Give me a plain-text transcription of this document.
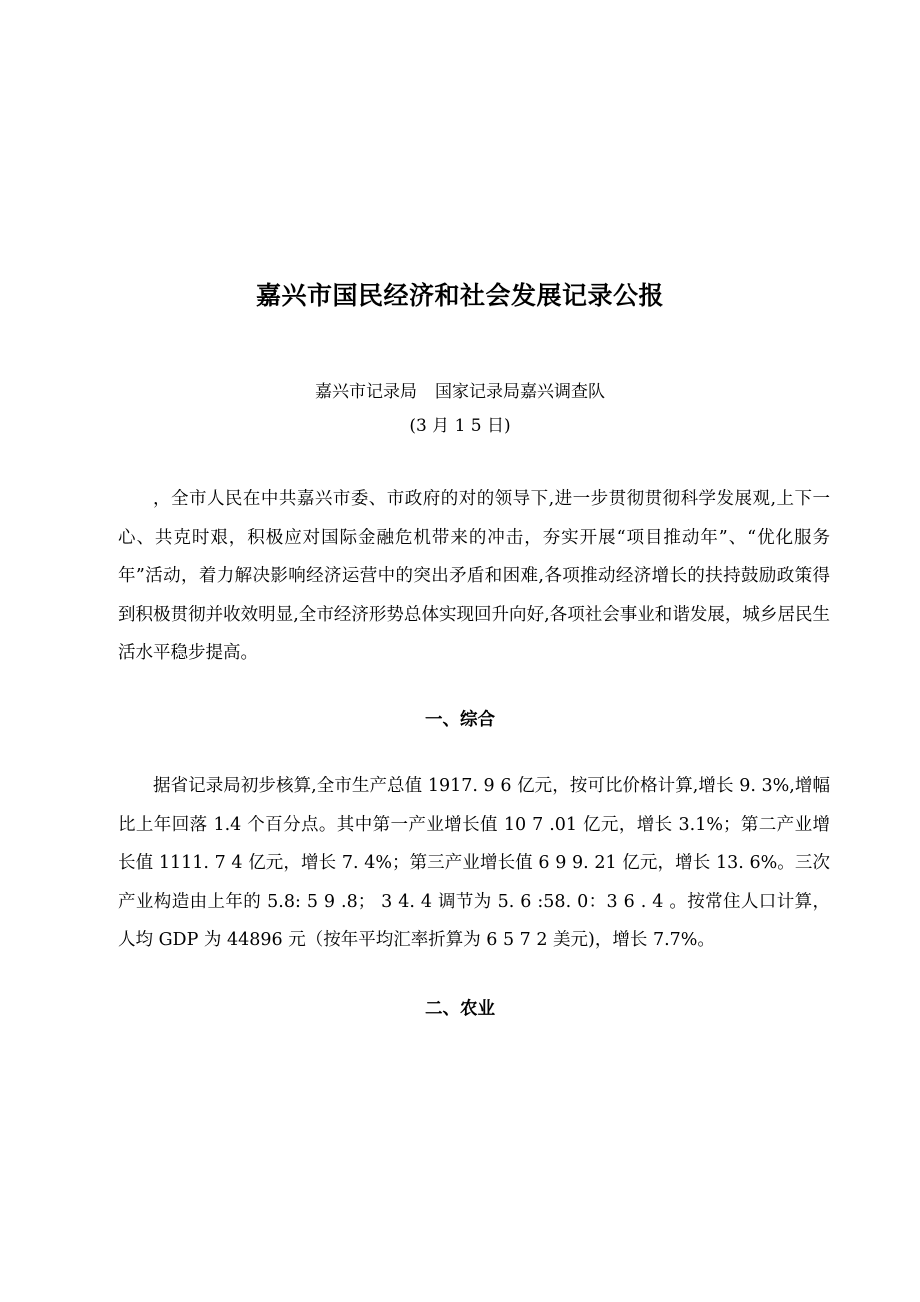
嘉兴市国民经济和社会发展记录公报
嘉兴市记录局 国家记录局嘉兴调查队
(3 月 1 5 日)

，全市人民在中共嘉兴市委、市政府的对的领导下,进一步贯彻贯彻科学发展观,上下一心、共克时艰，积极应对国际金融危机带来的冲击，夯实开展“项目推动年”、“优化服务年”活动，着力解决影响经济运营中的突出矛盾和困难,各项推动经济增长的扶持鼓励政策得到积极贯彻并收效明显,全市经济形势总体实现回升向好,各项社会事业和谐发展，城乡居民生活水平稳步提高。

一、综合

据省记录局初步核算,全市生产总值 1917. 9 6 亿元，按可比价格计算,增长 9. 3%,增幅比上年回落 1.4 个百分点。其中第一产业增长值 10 7 .01 亿元，增长 3.1%；第二产业增长值 1111. 7 4 亿元，增长 7. 4%；第三产业增长值 6 9 9. 21 亿元，增长 13. 6%。三次产业构造由上年的 5.8: 5 9 .8； 3 4. 4 调节为 5. 6 :58. 0：3 6 . 4 。按常住人口计算，人均 GDP 为 44896 元（按年平均汇率折算为 6 5 7 2 美元)，增长 7.7%。

二、农业
